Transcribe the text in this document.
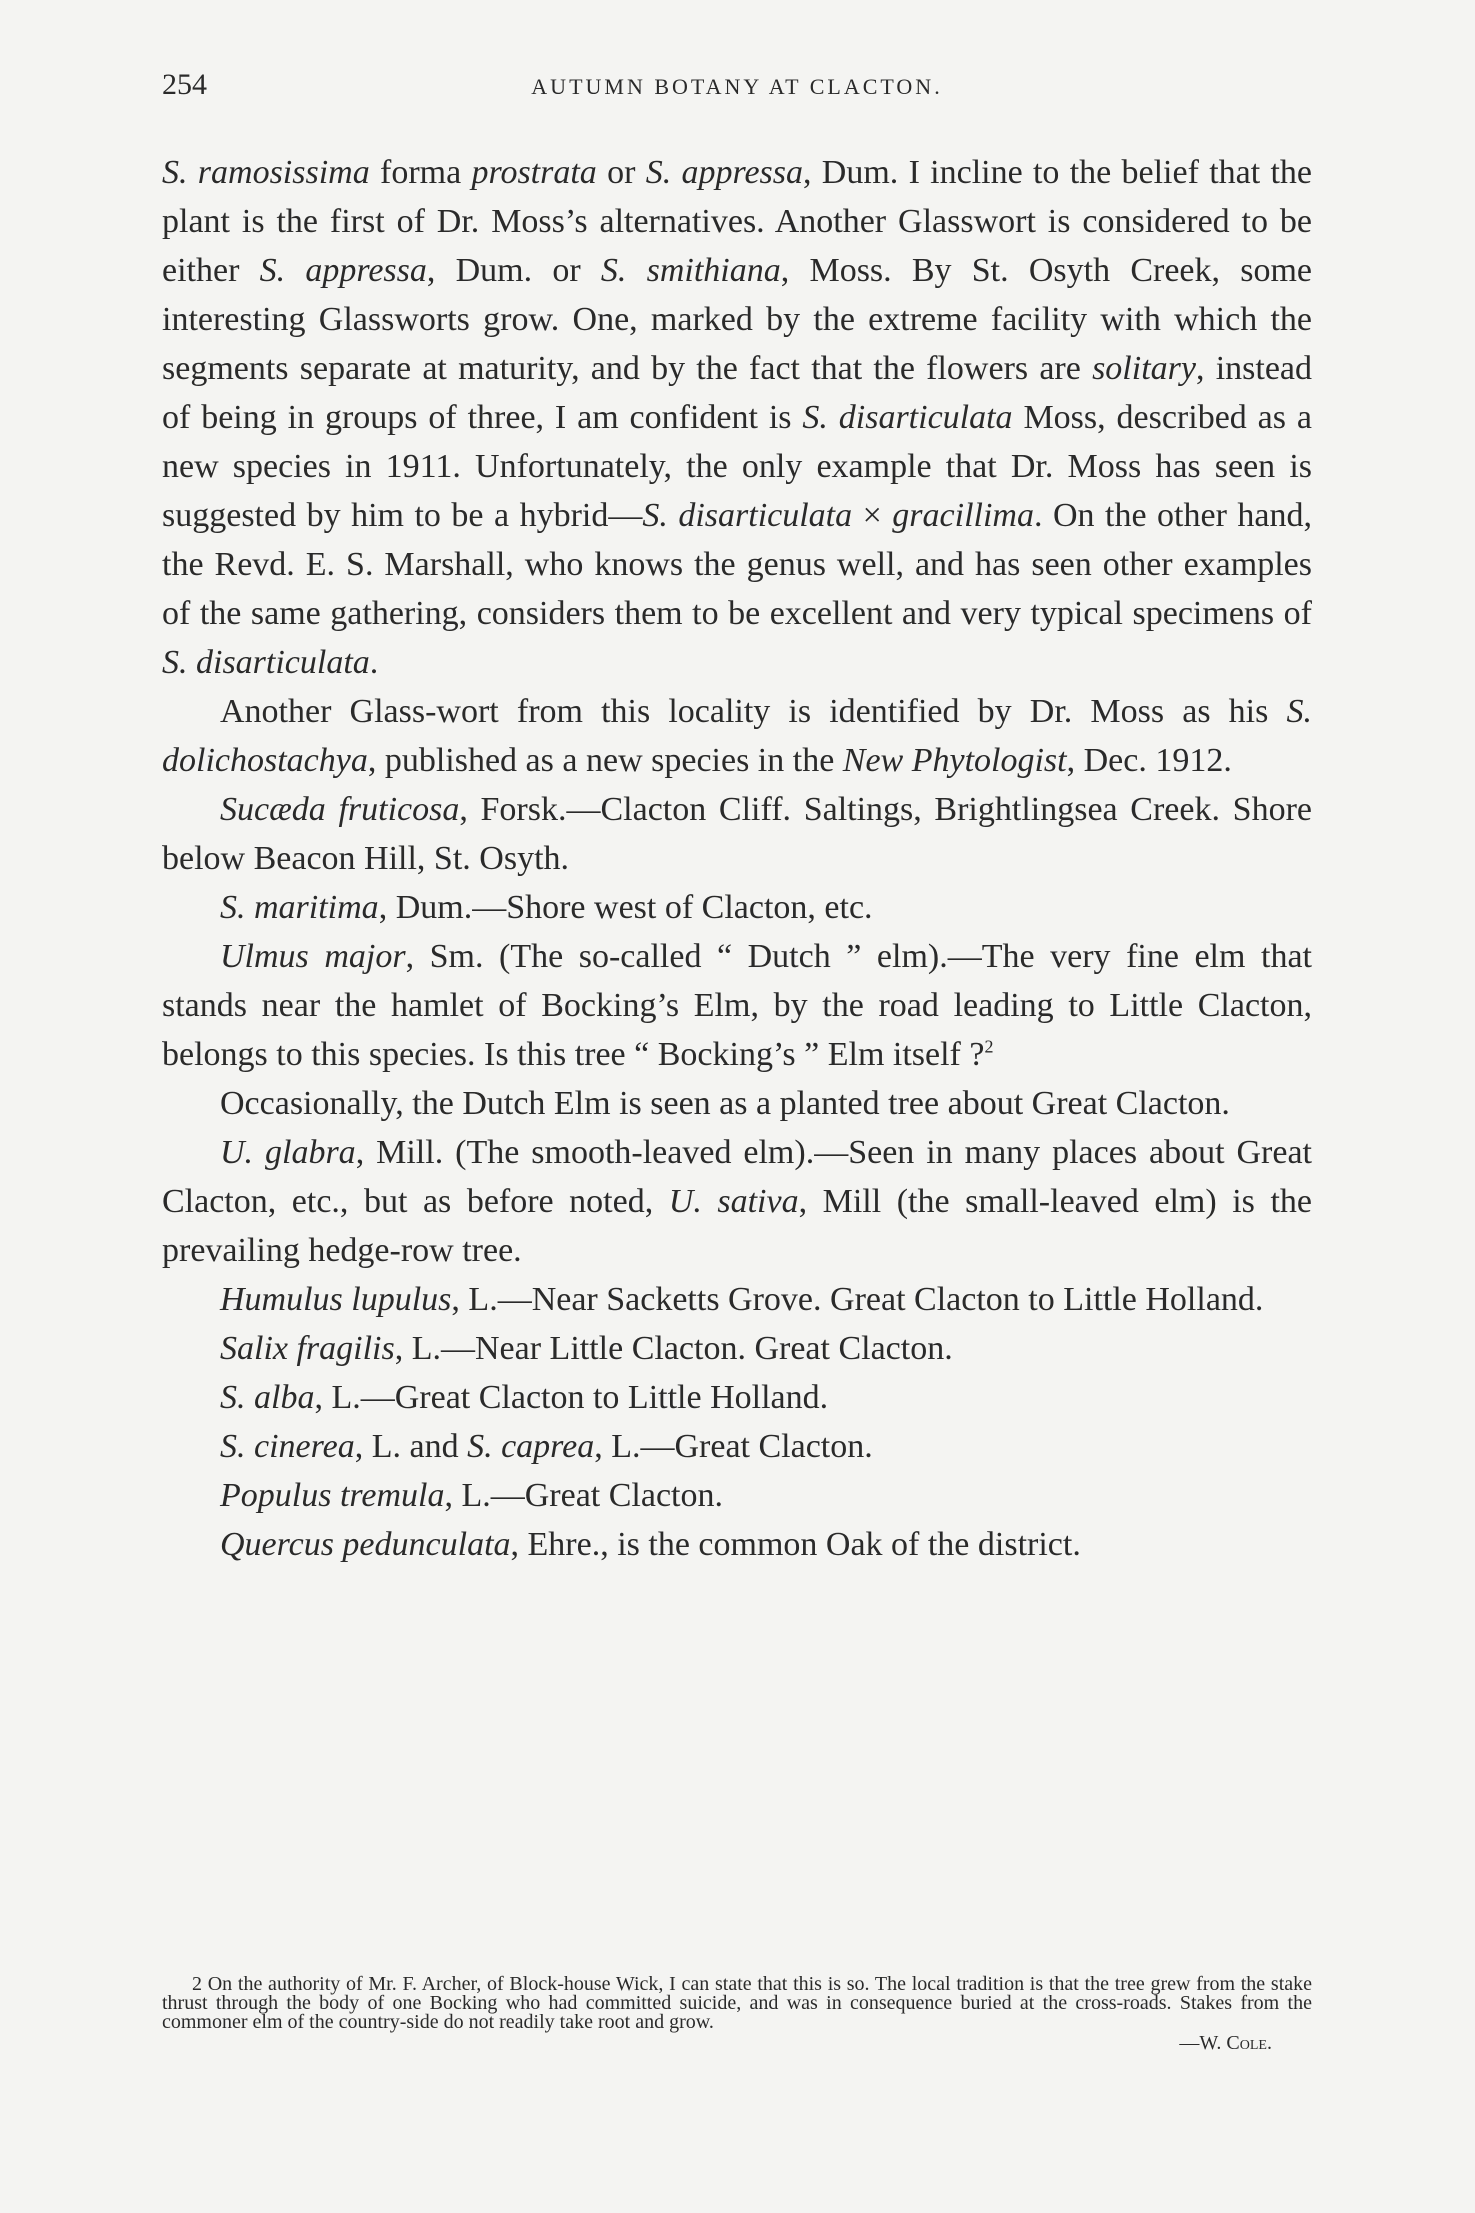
254	AUTUMN BOTANY AT CLACTON.

S. ramosissima forma prostrata or S. appressa, Dum. I incline to the belief that the plant is the first of Dr. Moss’s alternatives. Another Glasswort is considered to be either S. appressa, Dum. or S. smithiana, Moss. By St. Osyth Creek, some interesting Glassworts grow. One, marked by the extreme facility with which the segments separate at maturity, and by the fact that the flowers are solitary, instead of being in groups of three, I am confident is S. disarticulata Moss, described as a new species in 1911. Unfortunately, the only example that Dr. Moss has seen is suggested by him to be a hybrid—S. disarticulata × gracillima. On the other hand, the Revd. E. S. Marshall, who knows the genus well, and has seen other examples of the same gathering, considers them to be excellent and very typical specimens of S. disarticulata.

Another Glass-wort from this locality is identified by Dr. Moss as his S. dolichostachya, published as a new species in the New Phytologist, Dec. 1912.

Sucæda fruticosa, Forsk.—Clacton Cliff. Saltings, Brightlingsea Creek. Shore below Beacon Hill, St. Osyth.

S. maritima, Dum.—Shore west of Clacton, etc.

Ulmus major, Sm. (The so-called “ Dutch ” elm).—The very fine elm that stands near the hamlet of Bocking’s Elm, by the road leading to Little Clacton, belongs to this species. Is this tree “ Bocking’s ” Elm itself ?$^2$

Occasionally, the Dutch Elm is seen as a planted tree about Great Clacton.

U. glabra, Mill. (The smooth-leaved elm).—Seen in many places about Great Clacton, etc., but as before noted, U. sativa, Mill (the small-leaved elm) is the prevailing hedge-row tree.

Humulus lupulus, L.—Near Sacketts Grove. Great Clacton to Little Holland.

Salix fragilis, L.—Near Little Clacton. Great Clacton.

S. alba, L.—Great Clacton to Little Holland.

S. cinerea, L. and S. caprea, L.—Great Clacton.

Populus tremula, L.—Great Clacton.

Quercus pedunculata, Ehre., is the common Oak of the district.

2 On the authority of Mr. F. Archer, of Block-house Wick, I can state that this is so. The local tradition is that the tree grew from the stake thrust through the body of one Bocking who had committed suicide, and was in consequence buried at the cross-roads. Stakes from the commoner elm of the country-side do not readily take root and grow.

—W. Cole.
